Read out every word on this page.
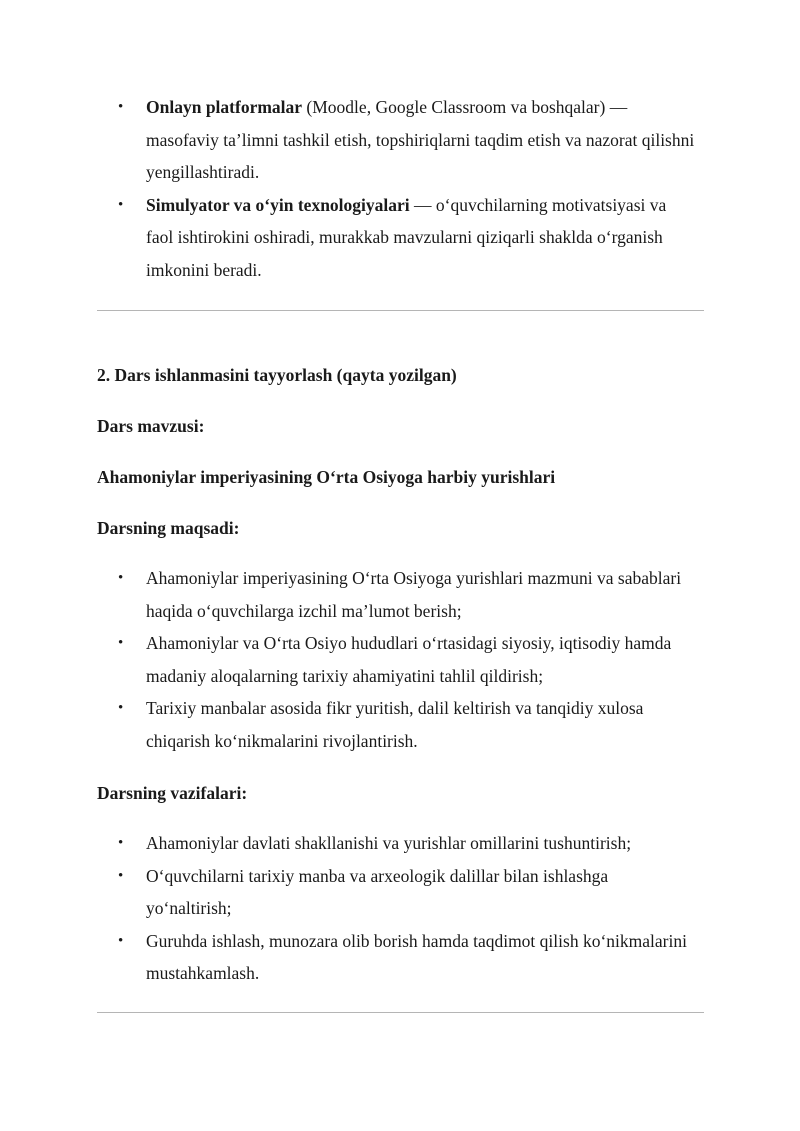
• Onlayn platformalar (Moodle, Google Classroom va boshqalar) — masofaviy ta’limni tashkil etish, topshiriqlarni taqdim etish va nazorat qilishni yengillashtiradi.
• Simulyator va o‘yin texnologiyalari — o‘quvchilarning motivatsiyasi va faol ishtirokini oshiradi, murakkab mavzularni qiziqarli shaklda o‘rganish imkonini beradi.
2. Dars ishlanmasini tayyorlash (qayta yozilgan)
Dars mavzusi:
Ahamoniylar imperiyasining O‘rta Osiyoga harbiy yurishlari
Darsning maqsadi:
• Ahamoniylar imperiyasining O‘rta Osiyoga yurishlari mazmuni va sabablari haqida o‘quvchilarga izchil ma’lumot berish;
• Ahamoniylar va O‘rta Osiyo hududlari o‘rtasidagi siyosiy, iqtisodiy hamda madaniy aloqalarning tarixiy ahamiyatini tahlil qildirish;
• Tarixiy manbalar asosida fikr yuritish, dalil keltirish va tanqidiy xulosa chiqarish ko‘nikmalarini rivojlantirish.
Darsning vazifalari:
• Ahamoniylar davlati shakllanishi va yurishlar omillarini tushuntirish;
• O‘quvchilarni tarixiy manba va arxeologik dalillar bilan ishlashga yo‘naltirish;
• Guruhda ishlash, munozara olib borish hamda taqdimot qilish ko‘nikmalarini mustahkamlash.
